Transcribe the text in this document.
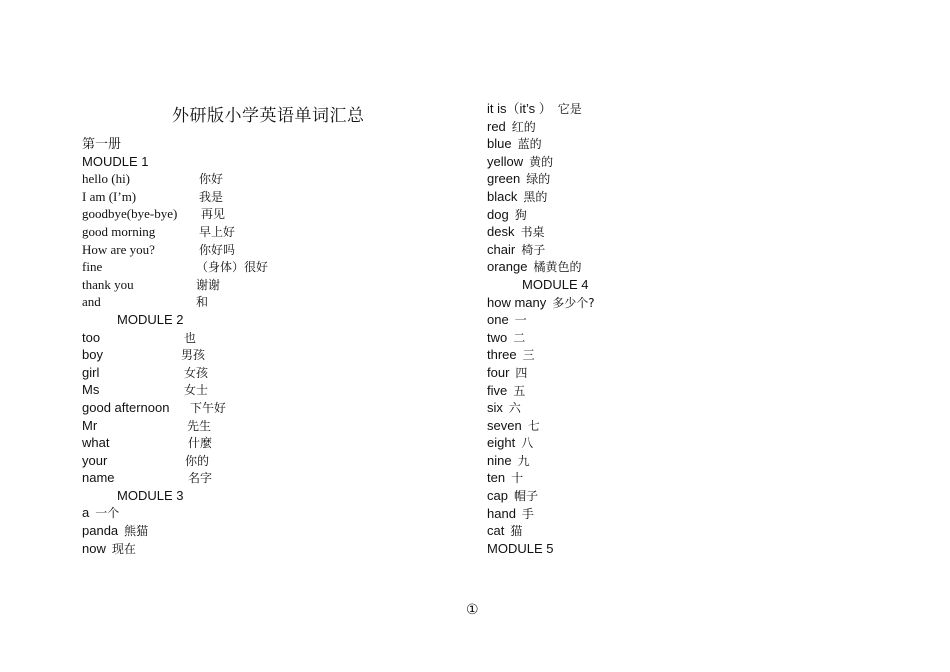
外研版小学英语单词汇总
第一册
MOUDLE 1
hello (hi)	你好
I am (I’m)	我是
goodbye(bye-bye) 再见
good morning	早上好
How are you?	你好吗
fine	（身体）很好
thank you	谢谢
and	和
MODULE 2
too	也
boy	男孩
girl	女孩
Ms	女士
good afternoon 下午好
Mr	先生
what	什麼
your	你的
name	名字
MODULE 3
a 一个
panda 熊猫
now 现在
it is（it’s ） 它是
red 红的
blue 蓝的
yellow 黄的
green 绿的
black 黑的
dog 狗
desk 书桌
chair 椅子
orange 橘黄色的
MODULE 4
how many 多少个?
one 一
two 二
three 三
four 四
five 五
six 六
seven 七
eight 八
nine 九
ten 十
cap 帽子
hand 手
cat 猫
MODULE 5
①
